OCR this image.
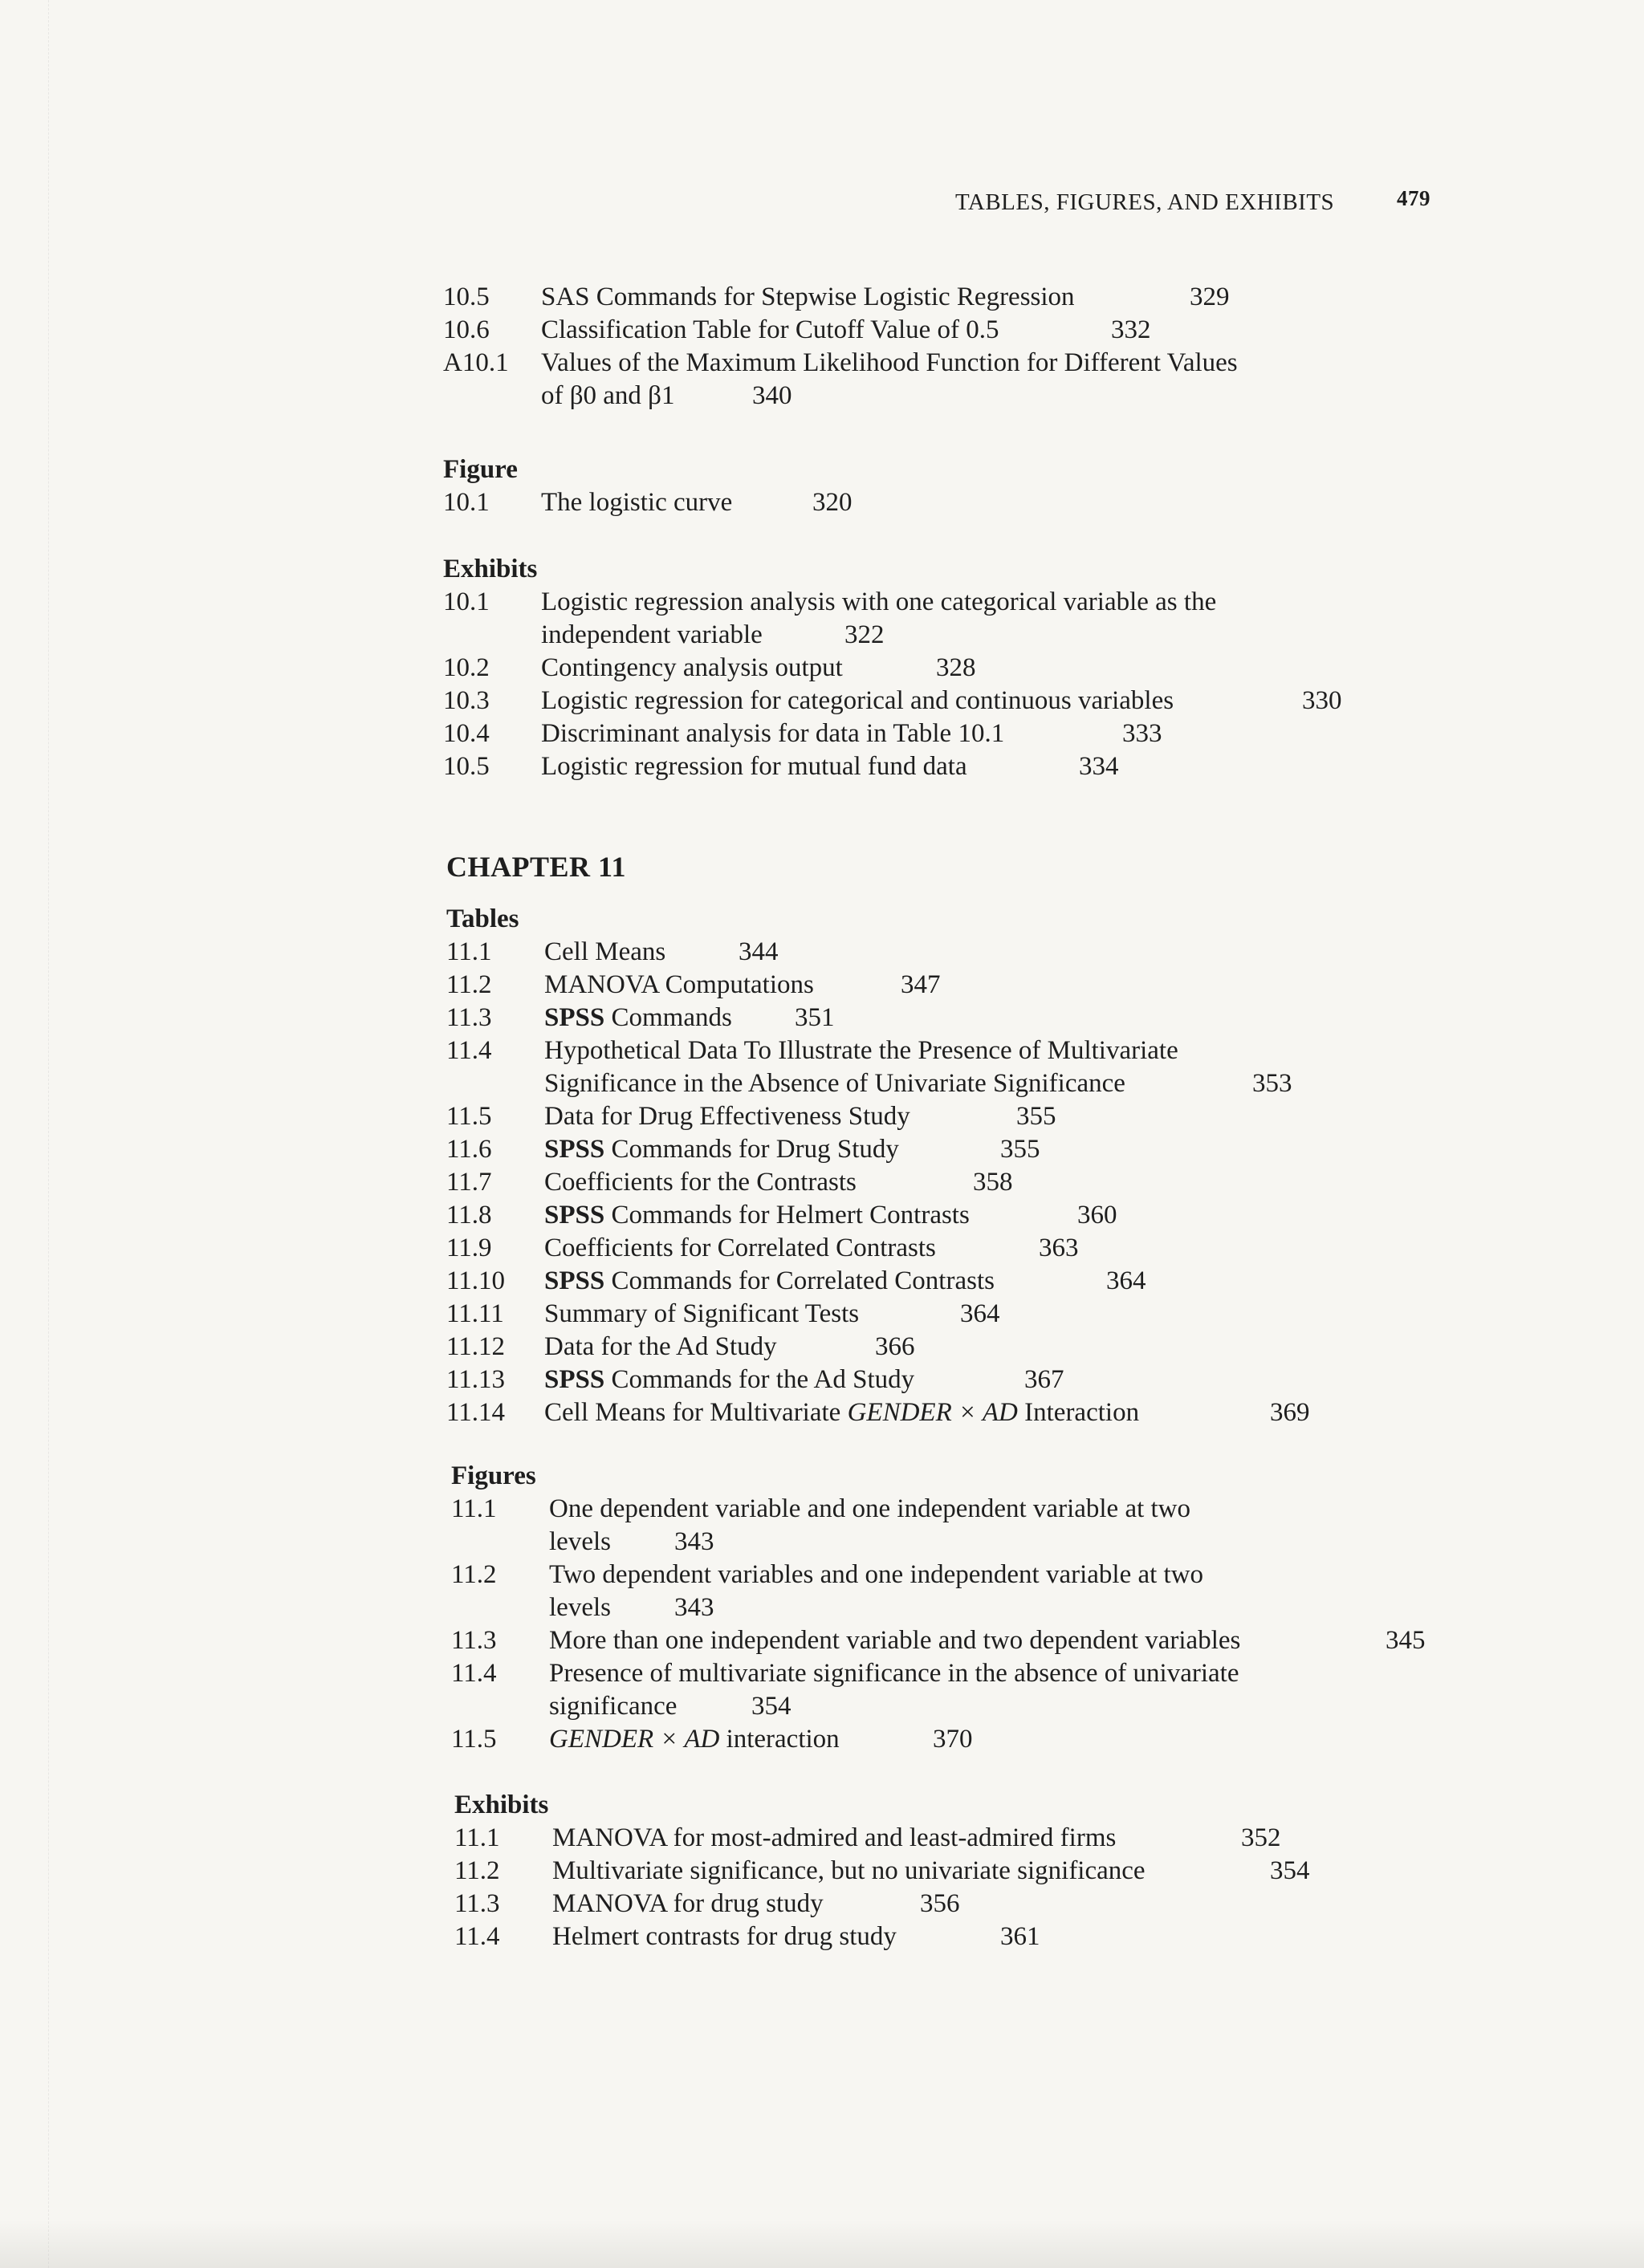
TABLES, FIGURES, AND EXHIBITS	479
10.5 SAS Commands for Stepwise Logistic Regression	329
10.6 Classification Table for Cutoff Value of 0.5	332
A10.1 Values of the Maximum Likelihood Function for Different Values
of β0 and β1	340
Figure
10.1 The logistic curve	320
Exhibits
10.1 Logistic regression analysis with one categorical variable as the
independent variable	322
10.2 Contingency analysis output	328
10.3 Logistic regression for categorical and continuous variables	330
10.4 Discriminant analysis for data in Table 10.1	333
10.5 Logistic regression for mutual fund data	334
CHAPTER 11
Tables
11.1 Cell Means	344
11.2 MANOVA Computations	347
11.3 SPSS Commands 351
11.4 Hypothetical Data To Illustrate the Presence of Multivariate
Significance in the Absence of Univariate Significance	353
11.5 Data for Drug Effectiveness Study	355
11.6 SPSS Commands for Drug Study	355
11.7 Coefficients for the Contrasts	358
11.8 SPSS Commands for Helmert Contrasts	360
11.9 Coefficients for Correlated Contrasts	363
11.10 SPSS Commands for Correlated Contrasts	364
11.11 Summary of Significant Tests	364
11.12 Data for the Ad Study	366
11.13 SPSS Commands for the Ad Study	367
11.14 Cell Means for Multivariate GENDER × AD Interaction	369
Figures
11.1 One dependent variable and one independent variable at two
levels	343
11.2 Two dependent variables and one independent variable at two
levels	343
11.3 More than one independent variable and two dependent variables	345
11.4 Presence of multivariate significance in the absence of univariate
significance	354
11.5 GENDER × AD interaction	370
Exhibits
11.1 MANOVA for most-admired and least-admired firms	352
11.2 Multivariate significance, but no univariate significance	354
11.3 MANOVA for drug study	356
11.4 Helmert contrasts for drug study	361
